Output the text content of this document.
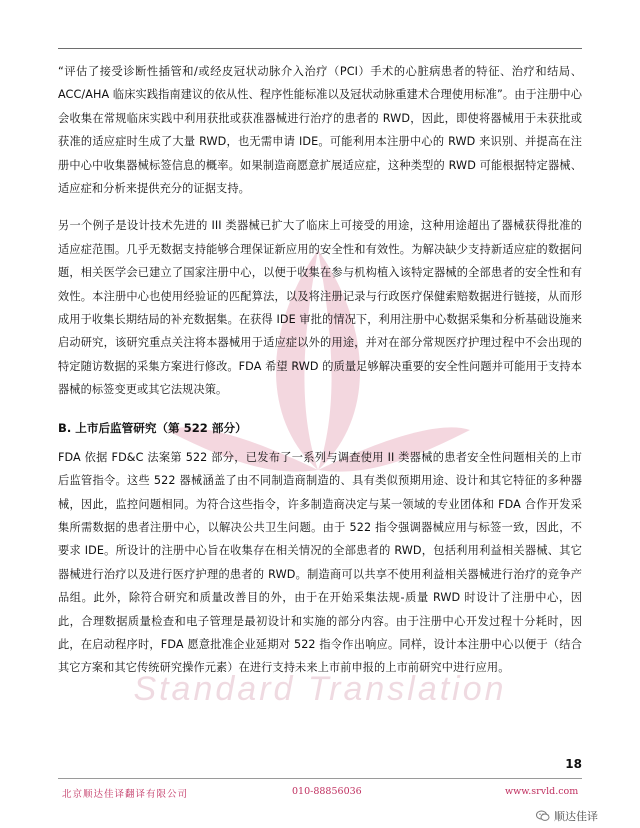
Standard Translation

“评估了接受诊断性插管和/或经皮冠状动脉介入治疗（PCI）手术的心脏病患者的特征、治疗和结局、ACC/AHA 临床实践指南建议的依从性、程序性能标准以及冠状动脉重建术合理使用标准”。由于注册中心会收集在常规临床实践中利用获批或获准器械进行治疗的患者的 RWD，因此，即使将器械用于未获批或获准的适应症时生成了大量 RWD，也无需申请 IDE。可能利用本注册中心的 RWD 来识别、并提高在注册中心中收集器械标签信息的概率。如果制造商愿意扩展适应症，这种类型的 RWD 可能根据特定器械、适应症和分析来提供充分的证据支持。

另一个例子是设计技术先进的 III 类器械已扩大了临床上可接受的用途，这种用途超出了器械获得批准的适应症范围。几乎无数据支持能够合理保证新应用的安全性和有效性。为解决缺少支持新适应症的数据问题，相关医学会已建立了国家注册中心，以便于收集在参与机构植入该特定器械的全部患者的安全性和有效性。本注册中心也使用经验证的匹配算法，以及将注册记录与行政医疗保健索赔数据进行链接，从而形成用于收集长期结局的补充数据集。在获得 IDE 审批的情况下，利用注册中心数据采集和分析基础设施来启动研究，该研究重点关注将本器械用于适应症以外的用途，并对在部分常规医疗护理过程中不会出现的特定随访数据的采集方案进行修改。FDA 希望 RWD 的质量足够解决重要的安全性问题并可能用于支持本器械的标签变更或其它法规决策。

B. 上市后监管研究（第 522 部分）

FDA 依据 FD&C 法案第 522 部分，已发布了一系列与调查使用 II 类器械的患者安全性问题相关的上市后监管指令。这些 522 器械涵盖了由不同制造商制造的、具有类似预期用途、设计和其它特征的多种器械，因此，监控问题相同。为符合这些指令，许多制造商决定与某一领域的专业团体和 FDA 合作开发采集所需数据的患者注册中心，以解决公共卫生问题。由于 522 指令强调器械应用与标签一致，因此，不要求 IDE。所设计的注册中心旨在收集存在相关情况的全部患者的 RWD，包括利用利益相关器械、其它器械进行治疗以及进行医疗护理的患者的 RWD。制造商可以共享不使用利益相关器械进行治疗的竞争产品组。此外，除符合研究和质量改善目的外，由于在开始采集法规-质量 RWD 时设计了注册中心，因此，合理数据质量检查和电子管理是最初设计和实施的部分内容。由于注册中心开发过程十分耗时，因此，在启动程序时，FDA 愿意批准企业延期对 522 指令作出响应。同样，设计本注册中心以便于（结合其它方案和其它传统研究操作元素）在进行支持未来上市前申报的上市前研究中进行应用。

18
北京顺达佳译翻译有限公司	010-88856036	www.srvld.com
顺达佳译
